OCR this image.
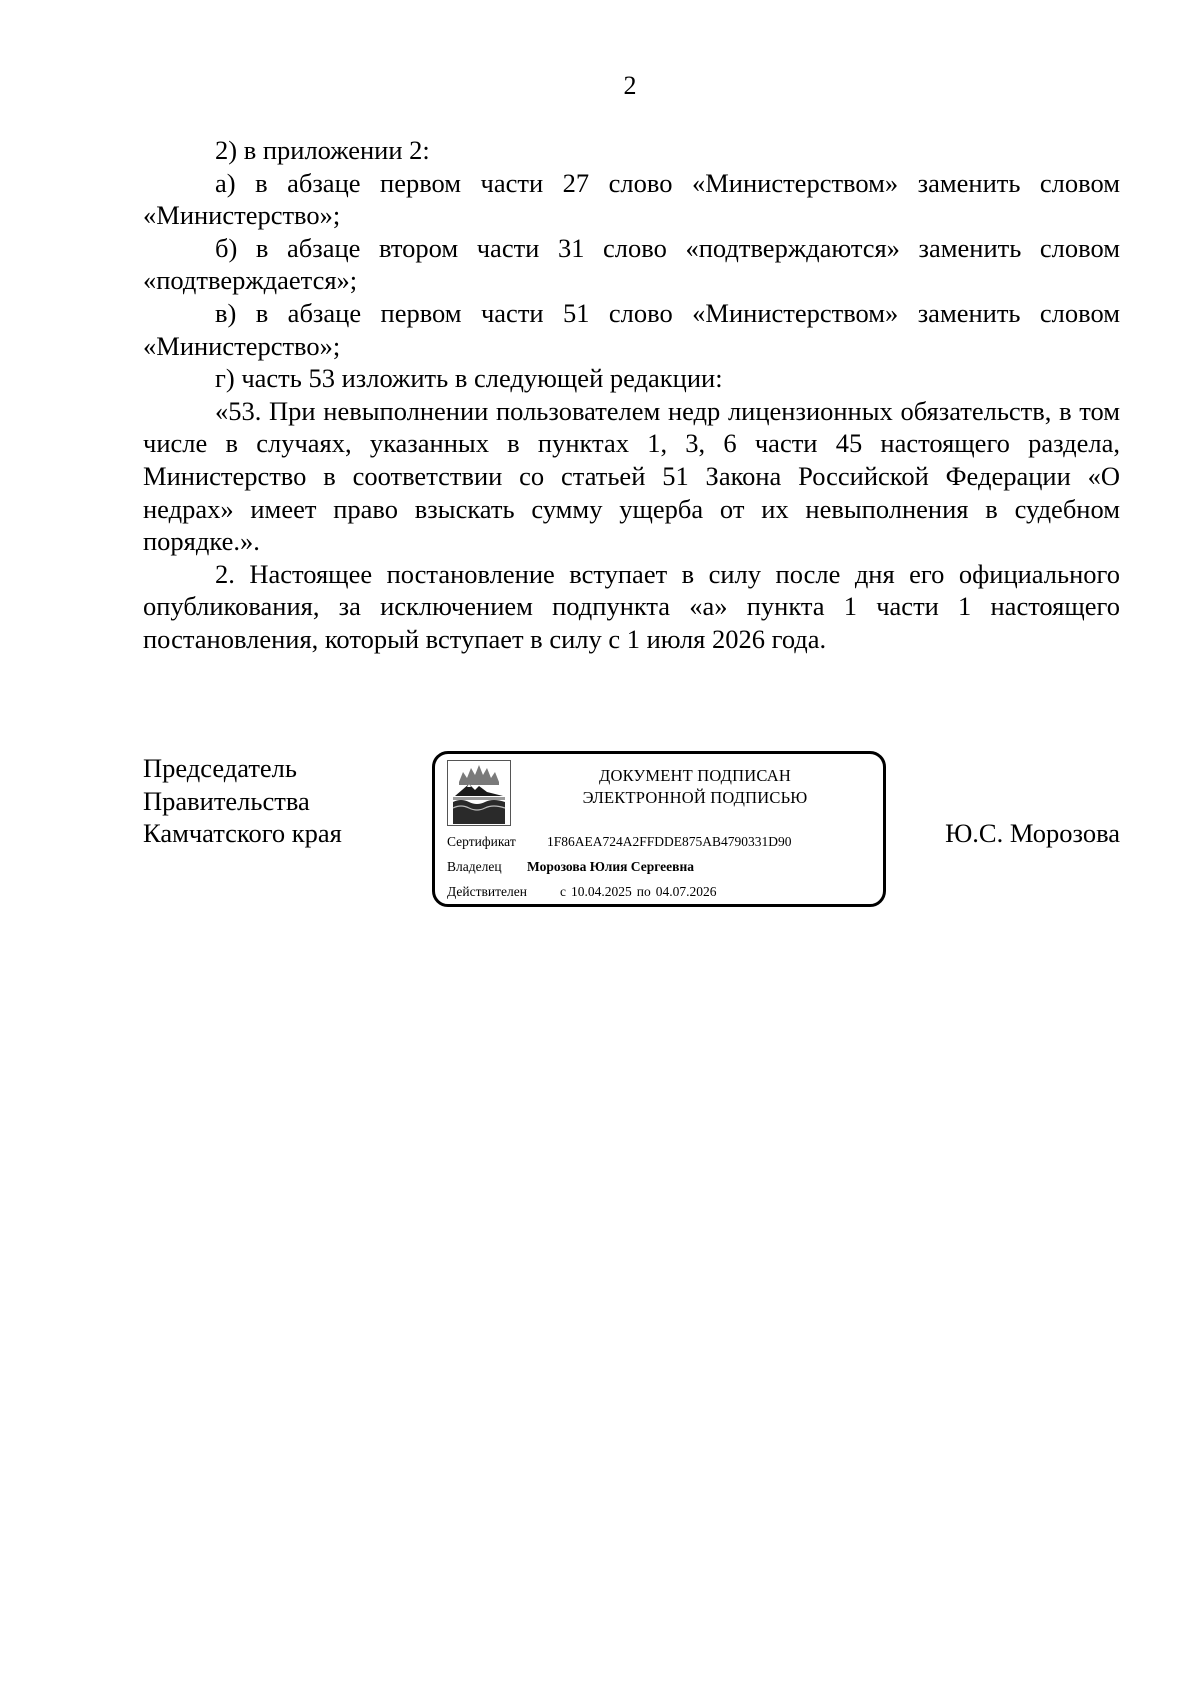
2

2) в приложении 2:

а) в абзаце первом части 27 слово «Министерством» заменить словом «Министерство»;

б) в абзаце втором части 31 слово «подтверждаются» заменить словом «подтверждается»;

в) в абзаце первом части 51 слово «Министерством» заменить словом «Министерство»;

г) часть 53 изложить в следующей редакции:

«53. При невыполнении пользователем недр лицензионных обязательств, в том числе в случаях, указанных в пунктах 1, 3, 6 части 45 настоящего раздела, Министерство в соответствии со статьей 51 Закона Российской Федерации «О недрах» имеет право взыскать сумму ущерба от их невыполнения в судебном порядке.».

2. Настоящее постановление вступает в силу после дня его официального опубликования, за исключением подпункта «а» пункта 1 части 1 настоящего постановления, который вступает в силу с 1 июля 2026 года.

Председатель
Правительства
Камчатского края
ДОКУМЕНТ ПОДПИСАН
ЭЛЕКТРОННОЙ ПОДПИСЬЮ
Сертификат 1F86AEA724A2FFDDE875AB4790331D90
Владелец Морозова Юлия Сергеевна
Действителен с 10.04.2025 по 04.07.2026
Ю.С. Морозова
